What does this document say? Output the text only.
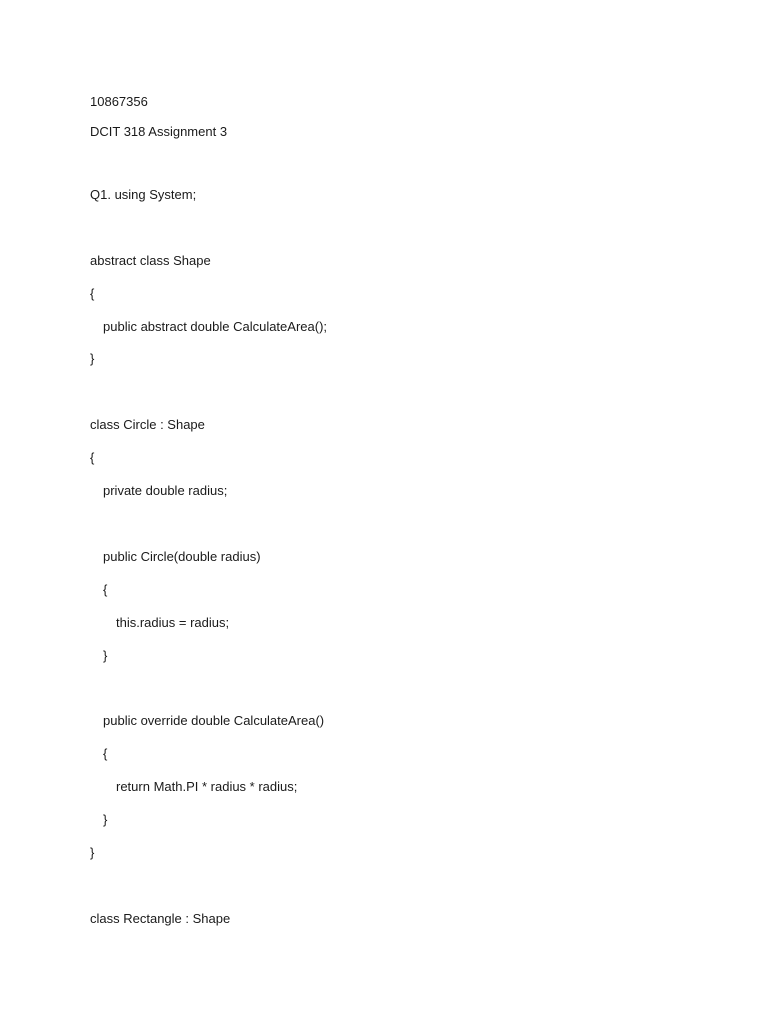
10867356
DCIT 318 Assignment 3
Q1. using System;
abstract class Shape
{
public abstract double CalculateArea();
}
class Circle : Shape
{
private double radius;
public Circle(double radius)
{
this.radius = radius;
}
public override double CalculateArea()
{
return Math.PI * radius * radius;
}
}
class Rectangle : Shape
